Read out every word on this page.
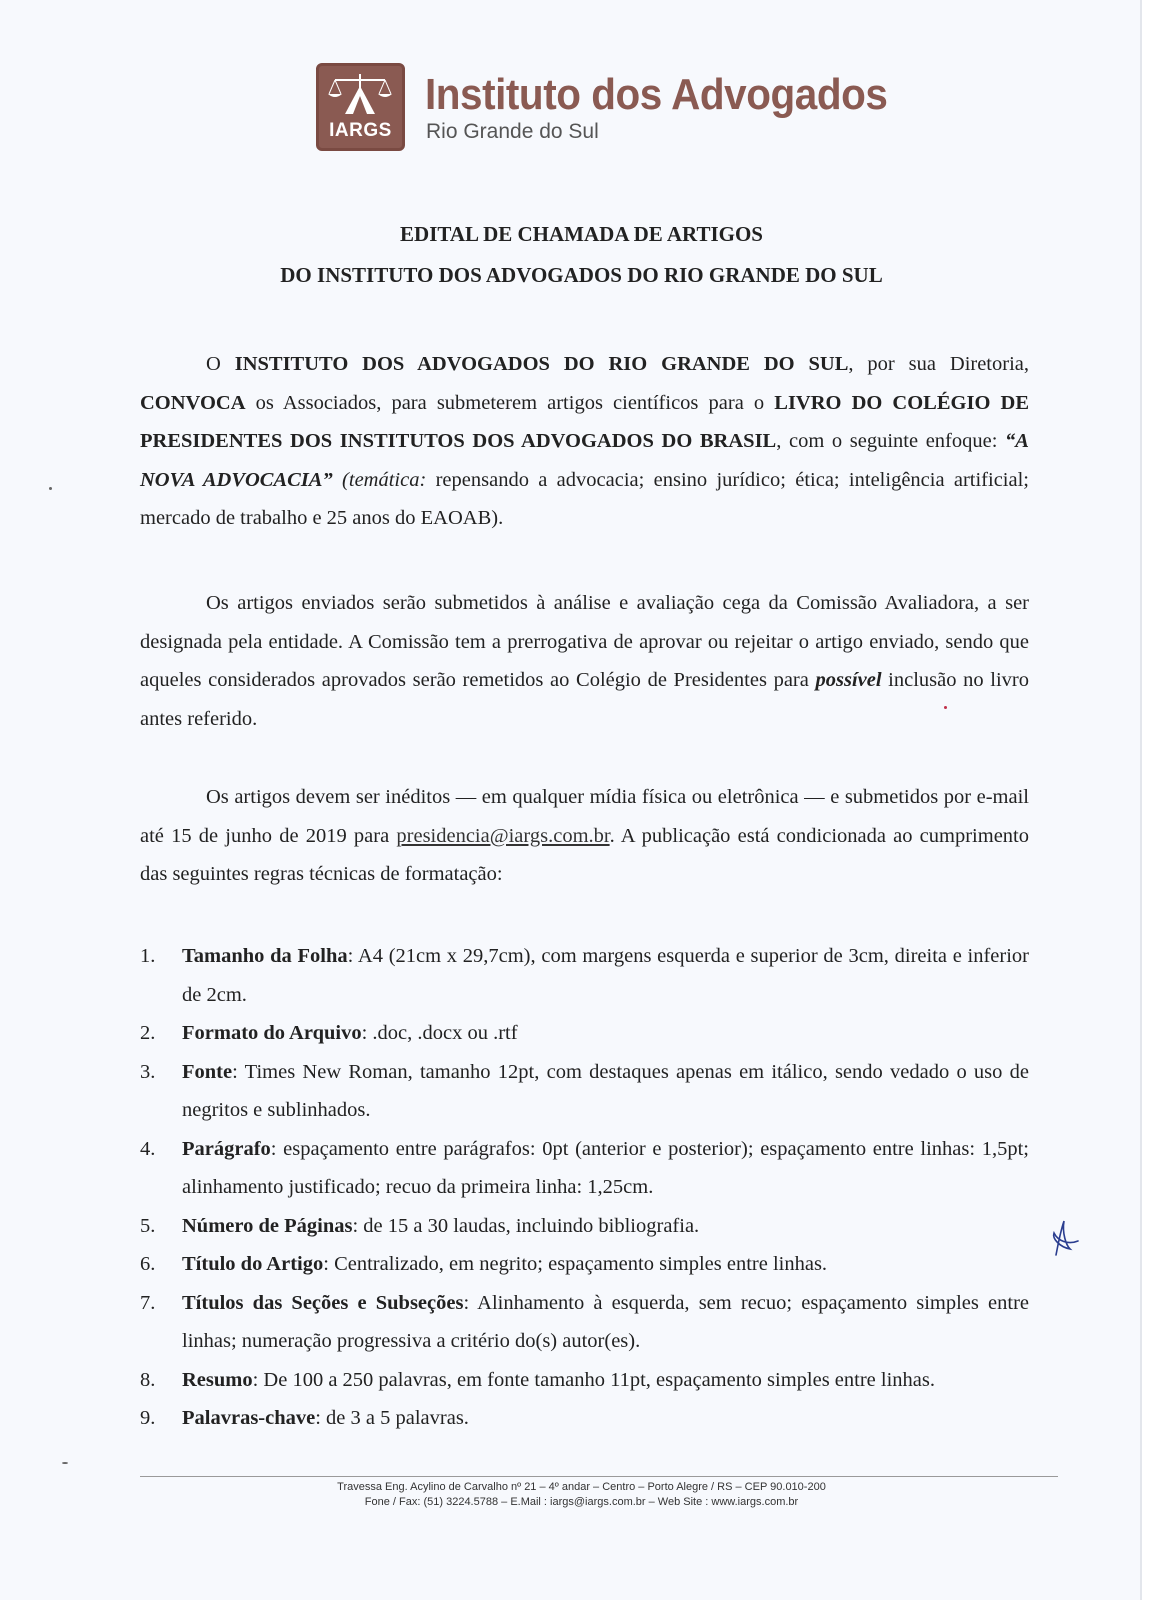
IARGS
Instituto dos Advogados
Rio Grande do Sul
EDITAL DE CHAMADA DE ARTIGOS
DO INSTITUTO DOS ADVOGADOS DO RIO GRANDE DO SUL
O INSTITUTO DOS ADVOGADOS DO RIO GRANDE DO SUL, por sua Diretoria, CONVOCA os Associados, para submeterem artigos científicos para o LIVRO DO COLÉGIO DE PRESIDENTES DOS INSTITUTOS DOS ADVOGADOS DO BRASIL, com o seguinte enfoque: “A NOVA ADVOCACIA” (temática: repensando a advocacia; ensino jurídico; ética; inteligência artificial; mercado de trabalho e 25 anos do EAOAB).
Os artigos enviados serão submetidos à análise e avaliação cega da Comissão Avaliadora, a ser designada pela entidade. A Comissão tem a prerrogativa de aprovar ou rejeitar o artigo enviado, sendo que aqueles considerados aprovados serão remetidos ao Colégio de Presidentes para possível inclusão no livro antes referido.
Os artigos devem ser inéditos — em qualquer mídia física ou eletrônica — e submetidos por e-mail até 15 de junho de 2019 para presidencia@iargs.com.br. A publicação está condicionada ao cumprimento das seguintes regras técnicas de formatação:
1. Tamanho da Folha: A4 (21cm x 29,7cm), com margens esquerda e superior de 3cm, direita e inferior de 2cm.
2. Formato do Arquivo: .doc, .docx ou .rtf
3. Fonte: Times New Roman, tamanho 12pt, com destaques apenas em itálico, sendo vedado o uso de negritos e sublinhados.
4. Parágrafo: espaçamento entre parágrafos: 0pt (anterior e posterior); espaçamento entre linhas: 1,5pt; alinhamento justificado; recuo da primeira linha: 1,25cm.
5. Número de Páginas: de 15 a 30 laudas, incluindo bibliografia.
6. Título do Artigo: Centralizado, em negrito; espaçamento simples entre linhas.
7. Títulos das Seções e Subseções: Alinhamento à esquerda, sem recuo; espaçamento simples entre linhas; numeração progressiva a critério do(s) autor(es).
8. Resumo: De 100 a 250 palavras, em fonte tamanho 11pt, espaçamento simples entre linhas.
9. Palavras-chave: de 3 a 5 palavras.
Travessa Eng. Acylino de Carvalho nº 21 – 4º andar – Centro – Porto Alegre / RS – CEP 90.010-200
Fone / Fax: (51) 3224.5788 – E.Mail : iargs@iargs.com.br – Web Site : www.iargs.com.br
